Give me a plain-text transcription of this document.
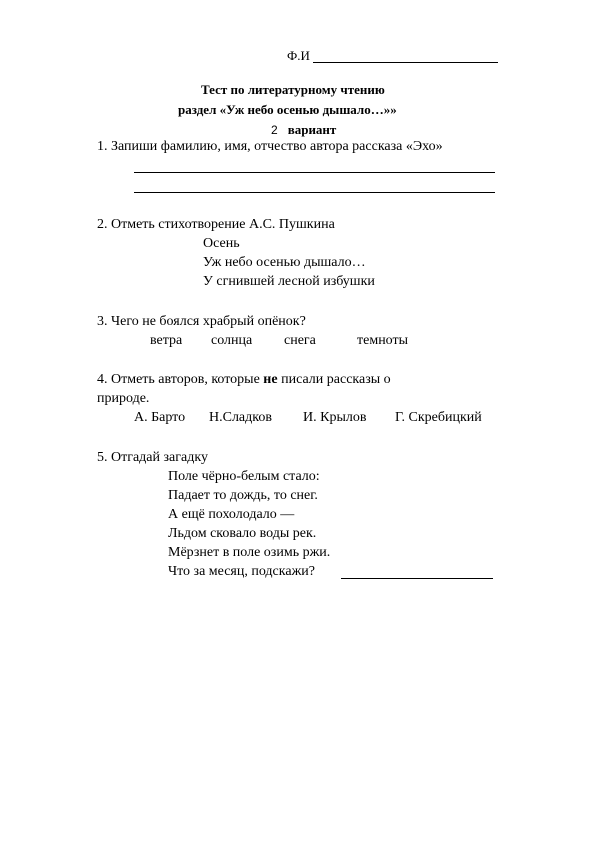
Ф.И
Тест по литературному чтению
раздел «Уж небо осенью дышало…»»
2 вариант
1. Запиши фамилию, имя, отчество автора рассказа «Эхо»
2. Отметь стихотворение А.С. Пушкина
Осень
Уж небо осенью дышало…
У сгнившей лесной избушки
3. Чего не боялся храбрый опёнок?
ветра солнца снега	темноты
4. Отметь авторов, которые не писали рассказы о
природе.
А. Барто Н.Сладков И. Крылов Г. Скребицкий
5. Отгадай загадку
Поле чёрно-белым стало:
Падает то дождь, то снег.
А ещё похолодало —
Льдом сковало воды рек.
Мёрзнет в поле озимь ржи.
Что за месяц, подскажи?
